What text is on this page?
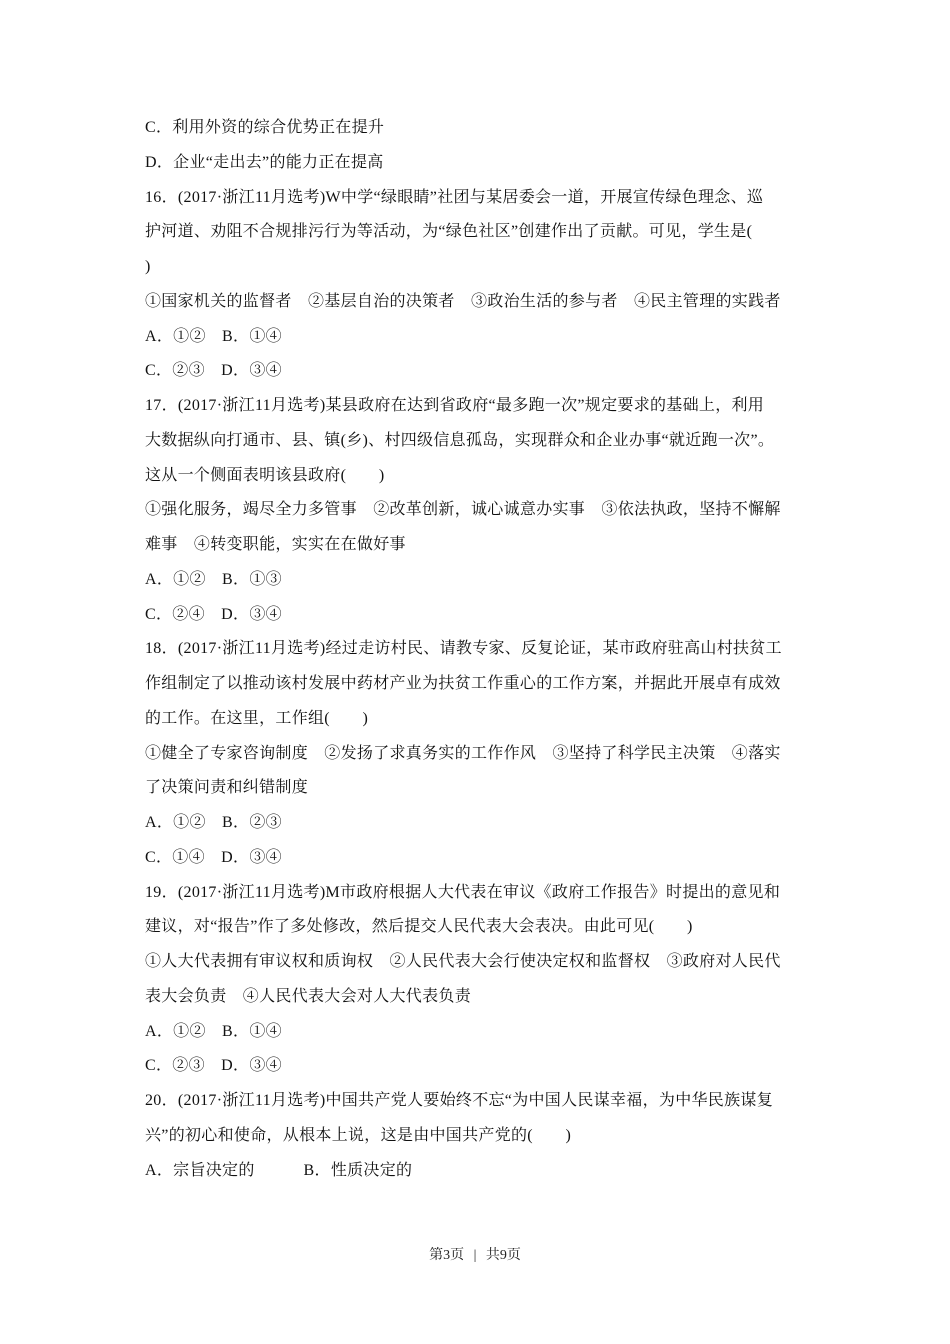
C．利用外资的综合优势正在提升
D．企业“走出去”的能力正在提高
16．(2017·浙江11月选考)W中学“绿眼睛”社团与某居委会一道，开展宣传绿色理念、巡
护河道、劝阻不合规排污行为等活动，为“绿色社区”创建作出了贡献。可见，学生是(
)
①国家机关的监督者　②基层自治的决策者　③政治生活的参与者　④民主管理的实践者
A．①②　B．①④
C．②③　D．③④
17．(2017·浙江11月选考)某县政府在达到省政府“最多跑一次”规定要求的基础上，利用
大数据纵向打通市、县、镇(乡)、村四级信息孤岛，实现群众和企业办事“就近跑一次”。
这从一个侧面表明该县政府(　　)
①强化服务，竭尽全力多管事　②改革创新，诚心诚意办实事　③依法执政，坚持不懈解
难事　④转变职能，实实在在做好事
A．①②　B．①③
C．②④　D．③④
18．(2017·浙江11月选考)经过走访村民、请教专家、反复论证，某市政府驻高山村扶贫工
作组制定了以推动该村发展中药材产业为扶贫工作重心的工作方案，并据此开展卓有成效
的工作。在这里，工作组(　　)
①健全了专家咨询制度　②发扬了求真务实的工作作风　③坚持了科学民主决策　④落实
了决策问责和纠错制度
A．①②　B．②③
C．①④　D．③④
19．(2017·浙江11月选考)M市政府根据人大代表在审议《政府工作报告》时提出的意见和
建议，对“报告”作了多处修改，然后提交人民代表大会表决。由此可见(　　)
①人大代表拥有审议权和质询权　②人民代表大会行使决定权和监督权　③政府对人民代
表大会负责　④人民代表大会对人大代表负责
A．①②　B．①④
C．②③　D．③④
20．(2017·浙江11月选考)中国共产党人要始终不忘“为中国人民谋幸福，为中华民族谋复
兴”的初心和使命，从根本上说，这是由中国共产党的(　　)
A．宗旨决定的　　　B．性质决定的
第3页 | 共9页
